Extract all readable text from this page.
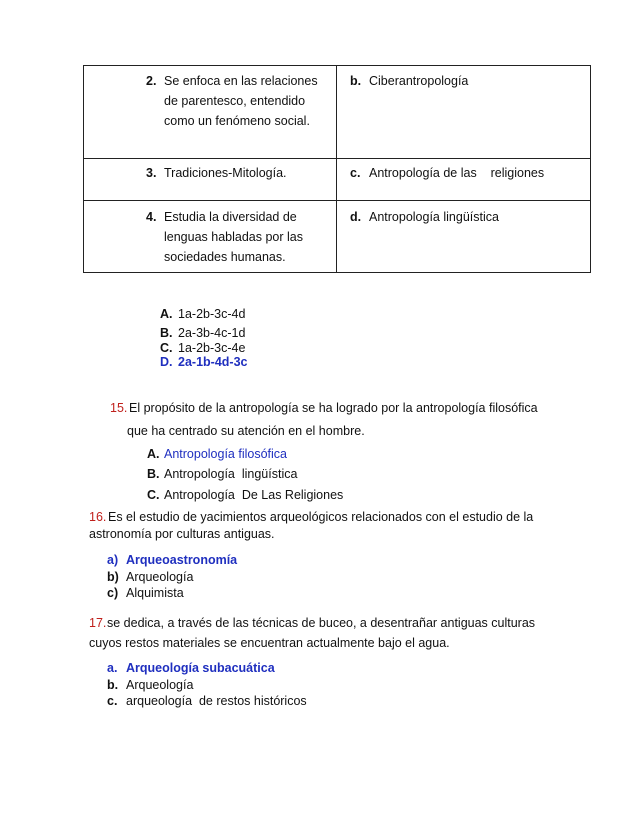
2. Se enfoca en las relaciones
de parentesco, entendido
como un fenómeno social.
b. Ciberantropología
3. Tradiciones-Mitología.	c. Antropología de las    religiones
4. Estudia la diversidad de
lenguas habladas por las
sociedades humanas.
d. Antropología lingüística
A. 1a-2b-3c-4d
B. 2a-3b-4c-1d
C. 1a-2b-3c-4e
D. 2a-1b-4d-3c
15. El propósito de la antropología se ha logrado por la antropología filosófica
que ha centrado su atención en el hombre.
A. Antropología filosófica
B. Antropología  lingüística
C. Antropología  De Las Religiones
16. Es el estudio de yacimientos arqueológicos relacionados con el estudio de la
astronomía por culturas antiguas.
a) Arqueoastronomía
b) Arqueología
c) Alquimista
17. se dedica, a través de las técnicas de buceo, a desentrañar antiguas culturas
cuyos restos materiales se encuentran actualmente bajo el agua.
a. Arqueología subacuática
b. Arqueología
c. arqueología  de restos históricos
